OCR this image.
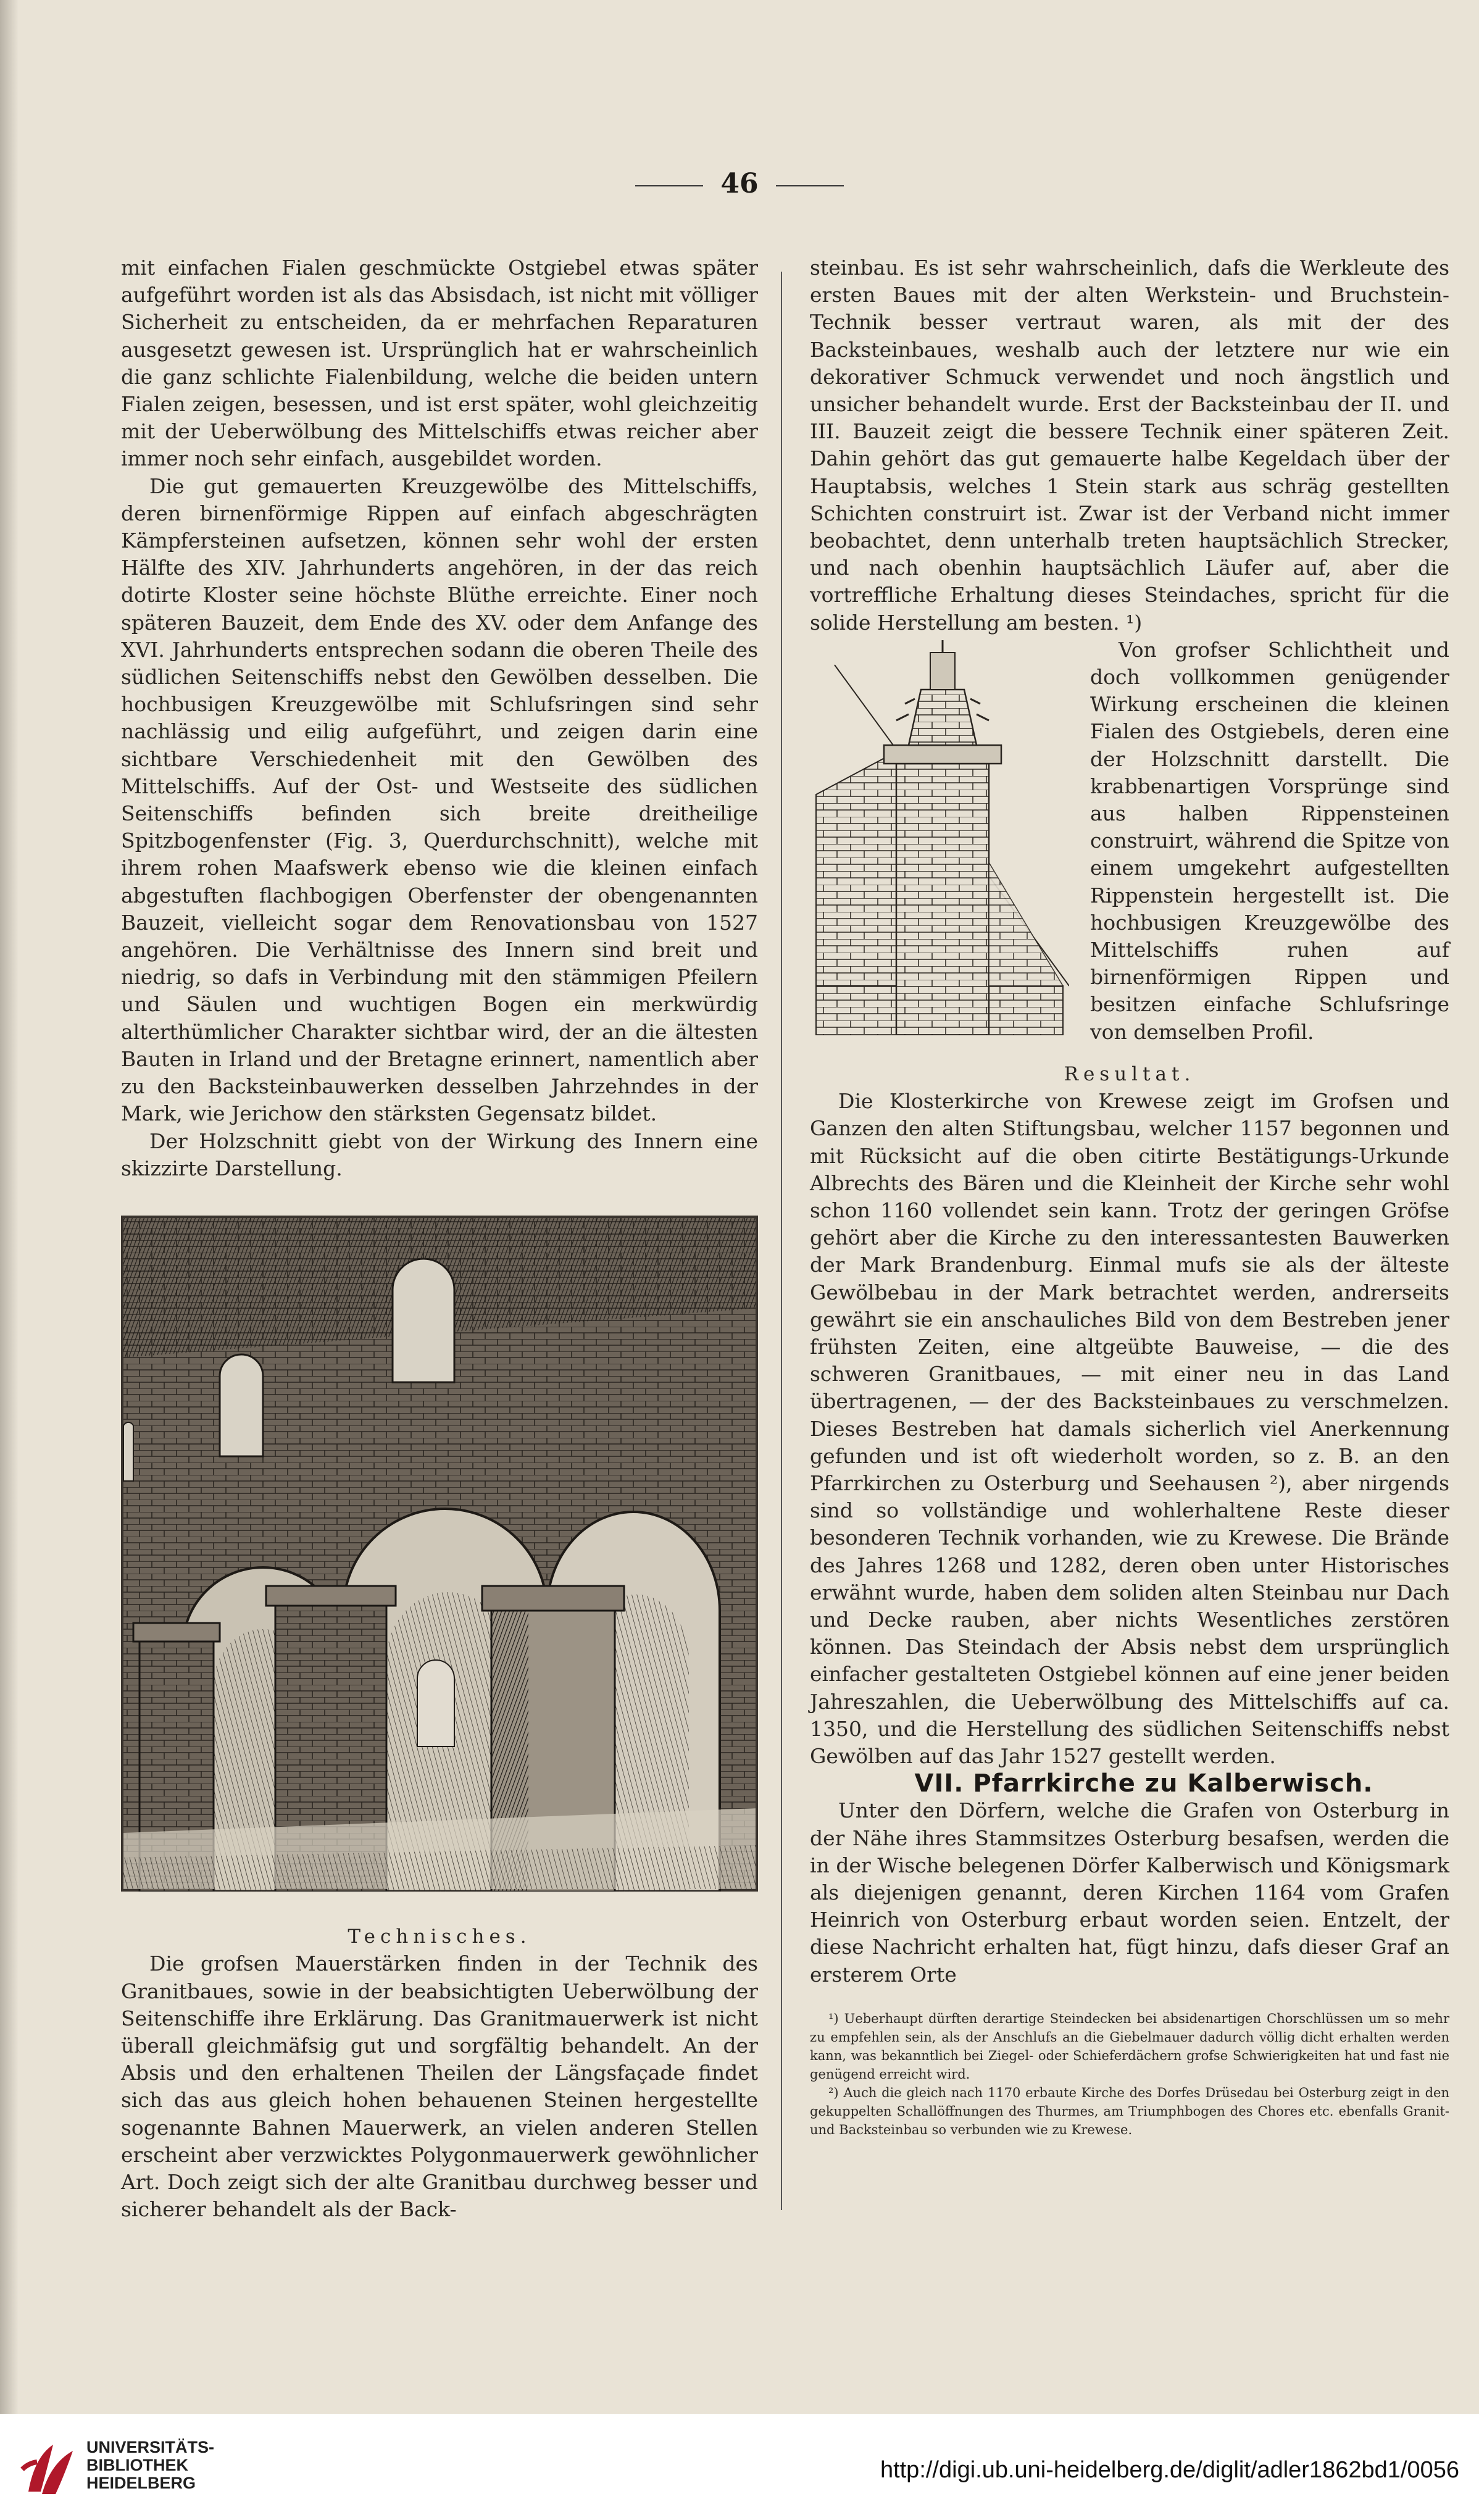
46

mit einfachen Fialen geschmückte Ostgiebel etwas später aufgeführt worden ist als das Absisdach, ist nicht mit völliger Sicherheit zu entscheiden, da er mehrfachen Reparaturen ausgesetzt gewesen ist. Ursprünglich hat er wahrscheinlich die ganz schlichte Fialenbildung, welche die beiden untern Fialen zeigen, besessen, und ist erst später, wohl gleichzeitig mit der Ueberwölbung des Mittelschiffs etwas reicher aber immer noch sehr einfach, ausgebildet worden.

Die gut gemauerten Kreuzgewölbe des Mittelschiffs, deren birnenförmige Rippen auf einfach abgeschrägten Kämpfersteinen aufsetzen, können sehr wohl der ersten Hälfte des XIV. Jahrhunderts angehören, in der das reich dotirte Kloster seine höchste Blüthe erreichte. Einer noch späteren Bauzeit, dem Ende des XV. oder dem Anfange des XVI. Jahrhunderts entsprechen sodann die oberen Theile des südlichen Seitenschiffs nebst den Gewölben desselben. Die hochbusigen Kreuzgewölbe mit Schlufsringen sind sehr nachlässig und eilig aufgeführt, und zeigen darin eine sichtbare Verschiedenheit mit den Gewölben des Mittelschiffs. Auf der Ost- und Westseite des südlichen Seitenschiffs befinden sich breite dreitheilige Spitzbogenfenster (Fig. 3, Querdurchschnitt), welche mit ihrem rohen Maafswerk ebenso wie die kleinen einfach abgestuften flachbogigen Oberfenster der obengenannten Bauzeit, vielleicht sogar dem Renovationsbau von 1527 angehören. Die Verhältnisse des Innern sind breit und niedrig, so dafs in Verbindung mit den stämmigen Pfeilern und Säulen und wuchtigen Bogen ein merkwürdig alterthümlicher Charakter sichtbar wird, der an die ältesten Bauten in Irland und der Bretagne erinnert, namentlich aber zu den Backsteinbauwerken desselben Jahrzehndes in der Mark, wie Jerichow den stärksten Gegensatz bildet.

Der Holzschnitt giebt von der Wirkung des Innern eine skizzirte Darstellung.

Technisches.

Die grofsen Mauerstärken finden in der Technik des Granitbaues, sowie in der beabsichtigten Ueberwölbung der Seitenschiffe ihre Erklärung. Das Granitmauerwerk ist nicht überall gleichmäfsig gut und sorgfältig behandelt. An der Absis und den erhaltenen Theilen der Längsfaçade findet sich das aus gleich hohen behauenen Steinen hergestellte sogenannte Bahnen Mauerwerk, an vielen anderen Stellen erscheint aber verzwicktes Polygonmauerwerk gewöhnlicher Art. Doch zeigt sich der alte Granitbau durchweg besser und sicherer behandelt als der Back-

steinbau. Es ist sehr wahrscheinlich, dafs die Werkleute des ersten Baues mit der alten Werkstein- und Bruchstein-Technik besser vertraut waren, als mit der des Backsteinbaues, weshalb auch der letztere nur wie ein dekorativer Schmuck verwendet und noch ängstlich und unsicher behandelt wurde. Erst der Backsteinbau der II. und III. Bauzeit zeigt die bessere Technik einer späteren Zeit. Dahin gehört das gut gemauerte halbe Kegeldach über der Hauptabsis, welches 1 Stein stark aus schräg gestellten Schichten construirt ist. Zwar ist der Verband nicht immer beobachtet, denn unterhalb treten hauptsächlich Strecker, und nach obenhin hauptsächlich Läufer auf, aber die vortreffliche Erhaltung dieses Steindaches, spricht für die solide Herstellung am besten. ¹)

Von grofser Schlichtheit und doch vollkommen genügender Wirkung erscheinen die kleinen Fialen des Ostgiebels, deren eine der Holzschnitt darstellt. Die krabbenartigen Vorsprünge sind aus halben Rippensteinen construirt, während die Spitze von einem umgekehrt aufgestellten Rippenstein hergestellt ist. Die hochbusigen Kreuzgewölbe des Mittelschiffs ruhen auf birnenförmigen Rippen und besitzen einfache Schlufsringe von demselben Profil.

Resultat.

Die Klosterkirche von Krewese zeigt im Grofsen und Ganzen den alten Stiftungsbau, welcher 1157 begonnen und mit Rücksicht auf die oben citirte Bestätigungs-Urkunde Albrechts des Bären und die Kleinheit der Kirche sehr wohl schon 1160 vollendet sein kann. Trotz der geringen Gröfse gehört aber die Kirche zu den interessantesten Bauwerken der Mark Brandenburg. Einmal mufs sie als der älteste Gewölbebau in der Mark betrachtet werden, andrerseits gewährt sie ein anschauliches Bild von dem Bestreben jener frühsten Zeiten, eine altgeübte Bauweise, — die des schweren Granitbaues, — mit einer neu in das Land übertragenen, — der des Backsteinbaues zu verschmelzen. Dieses Bestreben hat damals sicherlich viel Anerkennung gefunden und ist oft wiederholt worden, so z. B. an den Pfarrkirchen zu Osterburg und Seehausen ²), aber nirgends sind so vollständige und wohlerhaltene Reste dieser besonderen Technik vorhanden, wie zu Krewese. Die Brände des Jahres 1268 und 1282, deren oben unter Historisches erwähnt wurde, haben dem soliden alten Steinbau nur Dach und Decke rauben, aber nichts Wesentliches zerstören können. Das Steindach der Absis nebst dem ursprünglich einfacher gestalteten Ostgiebel können auf eine jener beiden Jahreszahlen, die Ueberwölbung des Mittelschiffs auf ca. 1350, und die Herstellung des südlichen Seitenschiffs nebst Gewölben auf das Jahr 1527 gestellt werden.

VII. Pfarrkirche zu Kalberwisch.

Unter den Dörfern, welche die Grafen von Osterburg in der Nähe ihres Stammsitzes Osterburg besafsen, werden die in der Wische belegenen Dörfer Kalberwisch und Königsmark als diejenigen genannt, deren Kirchen 1164 vom Grafen Heinrich von Osterburg erbaut worden seien. Entzelt, der diese Nachricht erhalten hat, fügt hinzu, dafs dieser Graf an ersterem Orte

¹) Ueberhaupt dürften derartige Steindecken bei absidenartigen Chorschlüssen um so mehr zu empfehlen sein, als der Anschlufs an die Giebelmauer dadurch völlig dicht erhalten werden kann, was bekanntlich bei Ziegel- oder Schieferdächern grofse Schwierigkeiten hat und fast nie genügend erreicht wird.

²) Auch die gleich nach 1170 erbaute Kirche des Dorfes Drüsedau bei Osterburg zeigt in den gekuppelten Schallöffnungen des Thurmes, am Triumphbogen des Chores etc. ebenfalls Granit- und Backsteinbau so verbunden wie zu Krewese.

UNIVERSITÄTS-
BIBLIOTHEK
HEIDELBERG	http://digi.ub.uni-heidelberg.de/diglit/adler1862bd1/0056
